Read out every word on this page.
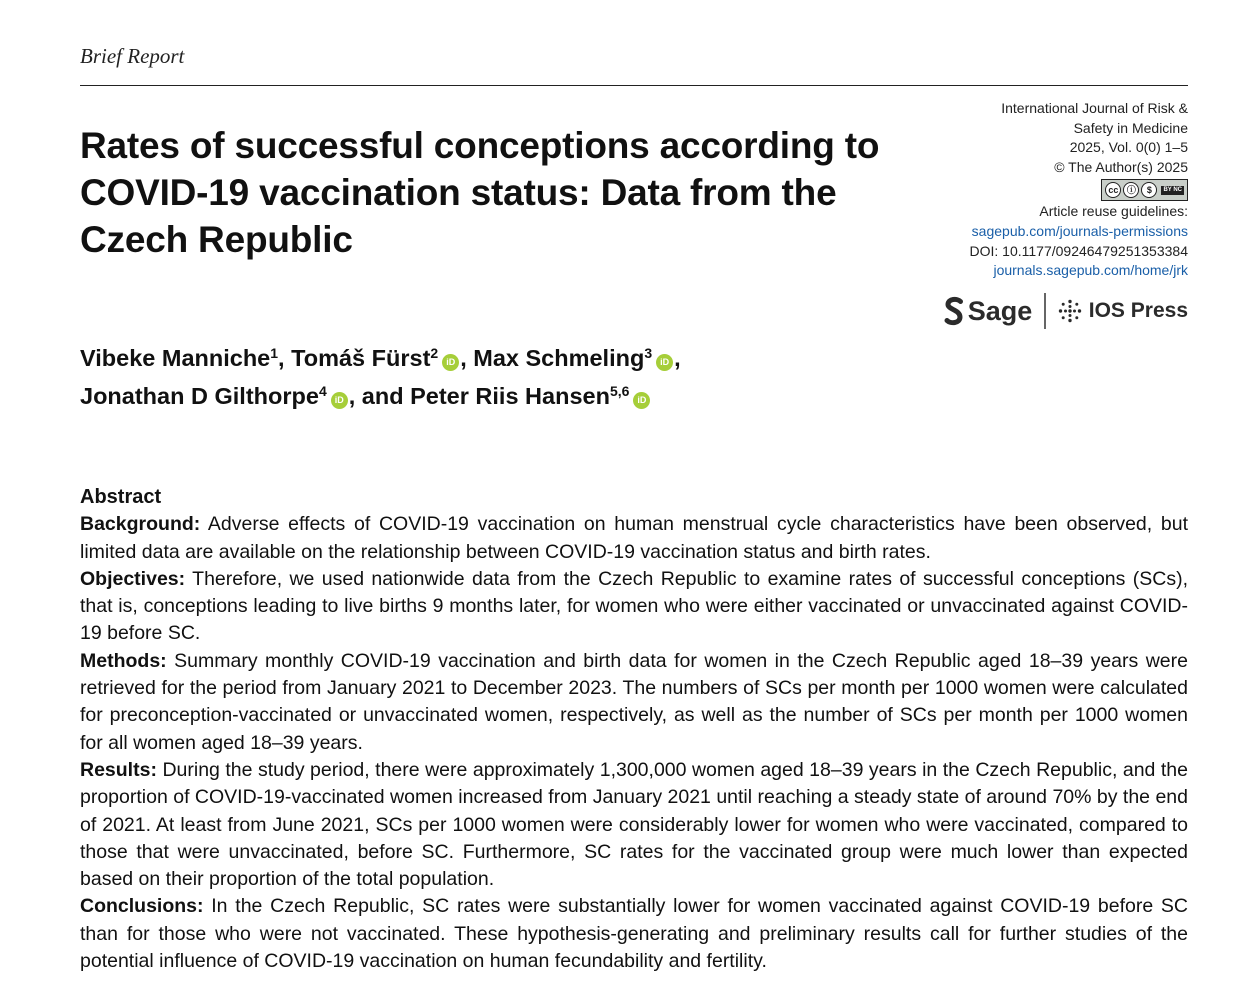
Brief Report
Rates of successful conceptions according to COVID-19 vaccination status: Data from the Czech Republic
International Journal of Risk &
Safety in Medicine
2025, Vol. 0(0) 1–5
© The Author(s) 2025
cc ⓘ	$	BY NC
Article reuse guidelines:
sagepub.com/journals-permissions
DOI: 10.1177/09246479251353384
journals.sagepub.com/home/jrk
Sage	IOS Press
Vibeke Manniche$^1$, Tomáš Fürst$^2$iD , Max Schmeling$^3$iD ,
Jonathan D Gilthorpe$^4$iD , and Peter Riis Hansen$^{5,6}$iD
Abstract

Background: Adverse effects of COVID-19 vaccination on human menstrual cycle characteristics have been observed, but limited data are available on the relationship between COVID-19 vaccination status and birth rates.

Objectives: Therefore, we used nationwide data from the Czech Republic to examine rates of successful conceptions (SCs), that is, conceptions leading to live births 9 months later, for women who were either vaccinated or unvaccinated against COVID-19 before SC.

Methods: Summary monthly COVID-19 vaccination and birth data for women in the Czech Republic aged 18–39 years were retrieved for the period from January 2021 to December 2023. The numbers of SCs per month per 1000 women were calculated for preconception-vaccinated or unvaccinated women, respectively, as well as the number of SCs per month per 1000 women for all women aged 18–39 years.

Results: During the study period, there were approximately 1,300,000 women aged 18–39 years in the Czech Republic, and the proportion of COVID-19-vaccinated women increased from January 2021 until reaching a steady state of around 70% by the end of 2021. At least from June 2021, SCs per 1000 women were considerably lower for women who were vaccinated, compared to those that were unvaccinated, before SC. Furthermore, SC rates for the vaccinated group were much lower than expected based on their proportion of the total population.

Conclusions: In the Czech Republic, SC rates were substantially lower for women vaccinated against COVID-19 before SC than for those who were not vaccinated. These hypothesis-generating and preliminary results call for further studies of the potential influence of COVID-19 vaccination on human fecundability and fertility.
